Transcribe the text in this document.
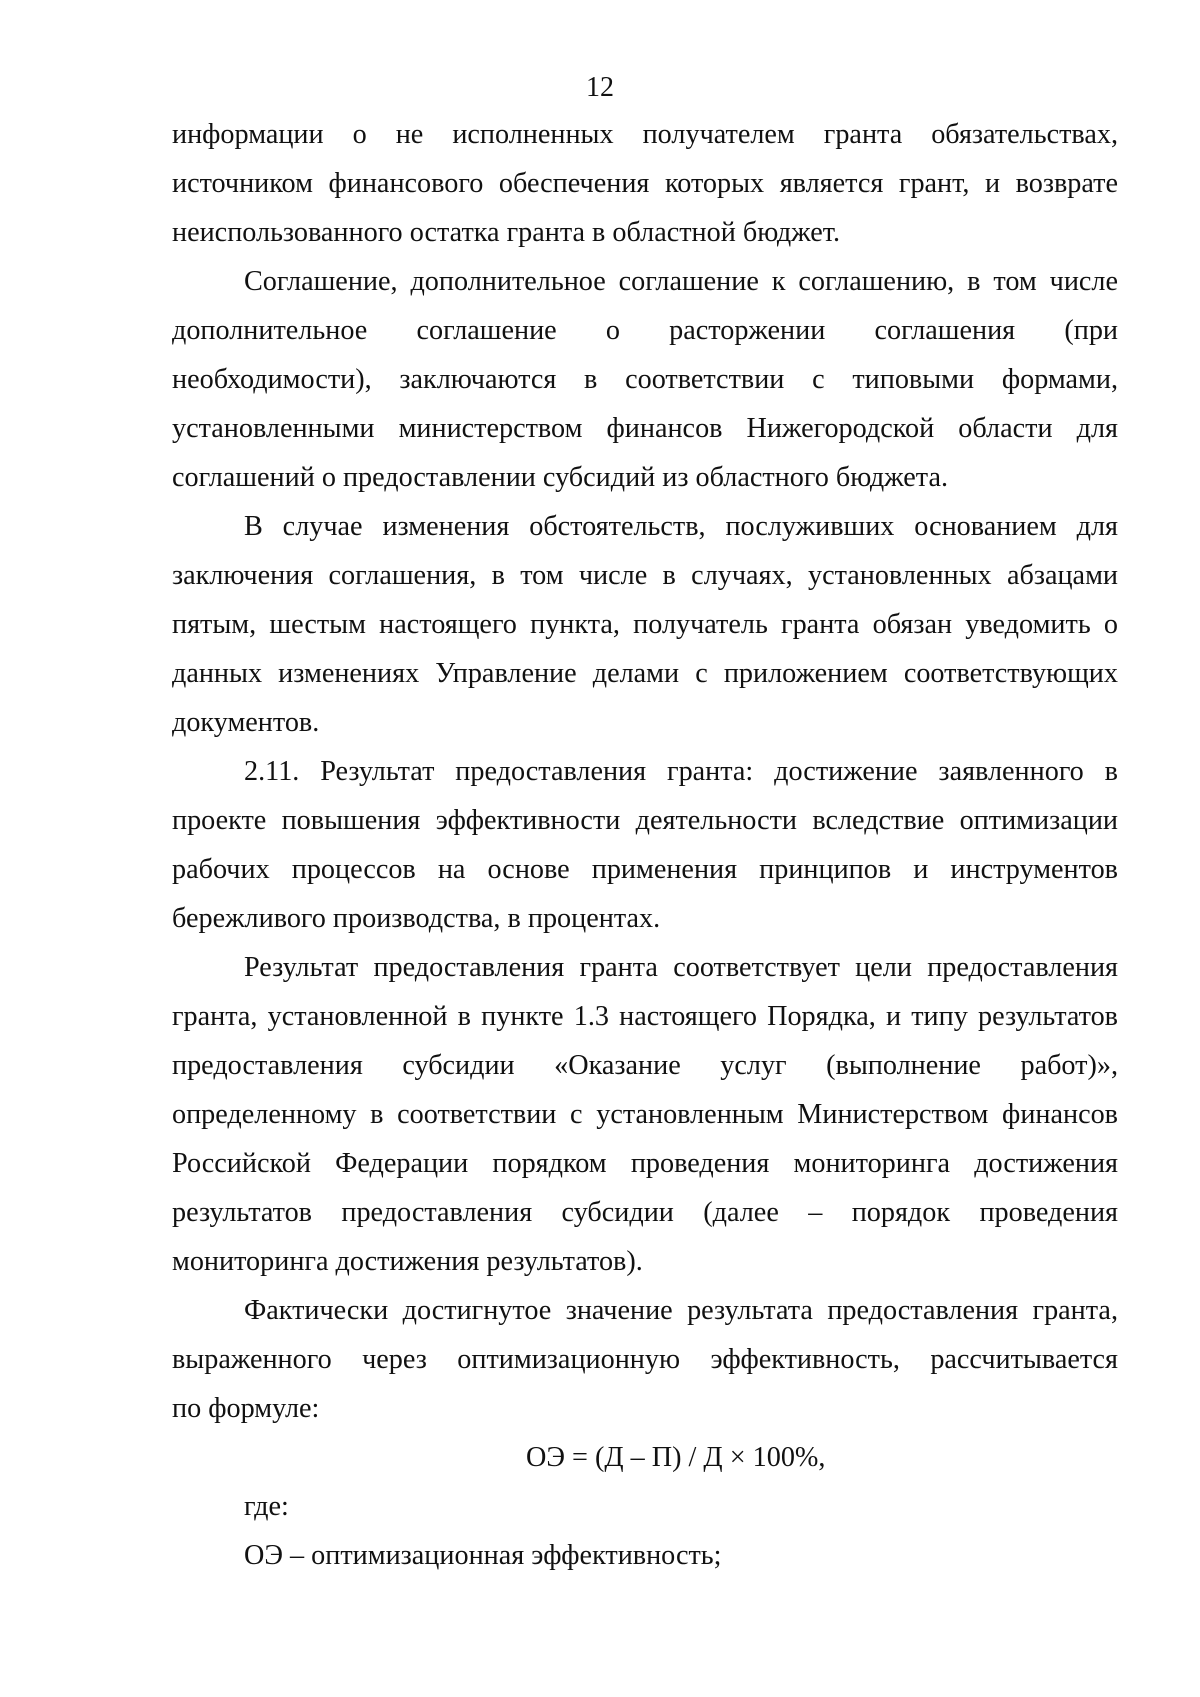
12
информации о не исполненных получателем гранта обязательствах,
источником финансового обеспечения которых является грант, и возврате
неиспользованного остатка гранта в областной бюджет.
Соглашение, дополнительное соглашение к соглашению, в том числе
дополнительное соглашение о расторжении соглашения (при
необходимости), заключаются в соответствии с типовыми формами,
установленными министерством финансов Нижегородской области для
соглашений о предоставлении субсидий из областного бюджета.
В случае изменения обстоятельств, послуживших основанием для
заключения соглашения, в том числе в случаях, установленных абзацами
пятым, шестым настоящего пункта, получатель гранта обязан уведомить о
данных изменениях Управление делами с приложением соответствующих
документов.
2.11. Результат предоставления гранта: достижение заявленного в
проекте повышения эффективности деятельности вследствие оптимизации
рабочих процессов на основе применения принципов и инструментов
бережливого производства, в процентах.
Результат предоставления гранта соответствует цели предоставления
гранта, установленной в пункте 1.3 настоящего Порядка, и типу результатов
предоставления субсидии «Оказание услуг (выполнение работ)»,
определенному в соответствии с установленным Министерством финансов
Российской Федерации порядком проведения мониторинга достижения
результатов предоставления субсидии (далее – порядок проведения
мониторинга достижения результатов).
Фактически достигнутое значение результата предоставления гранта,
выраженного через оптимизационную эффективность, рассчитывается
по формуле:
ОЭ = (Д – П) / Д × 100%,
где:
ОЭ – оптимизационная эффективность;
